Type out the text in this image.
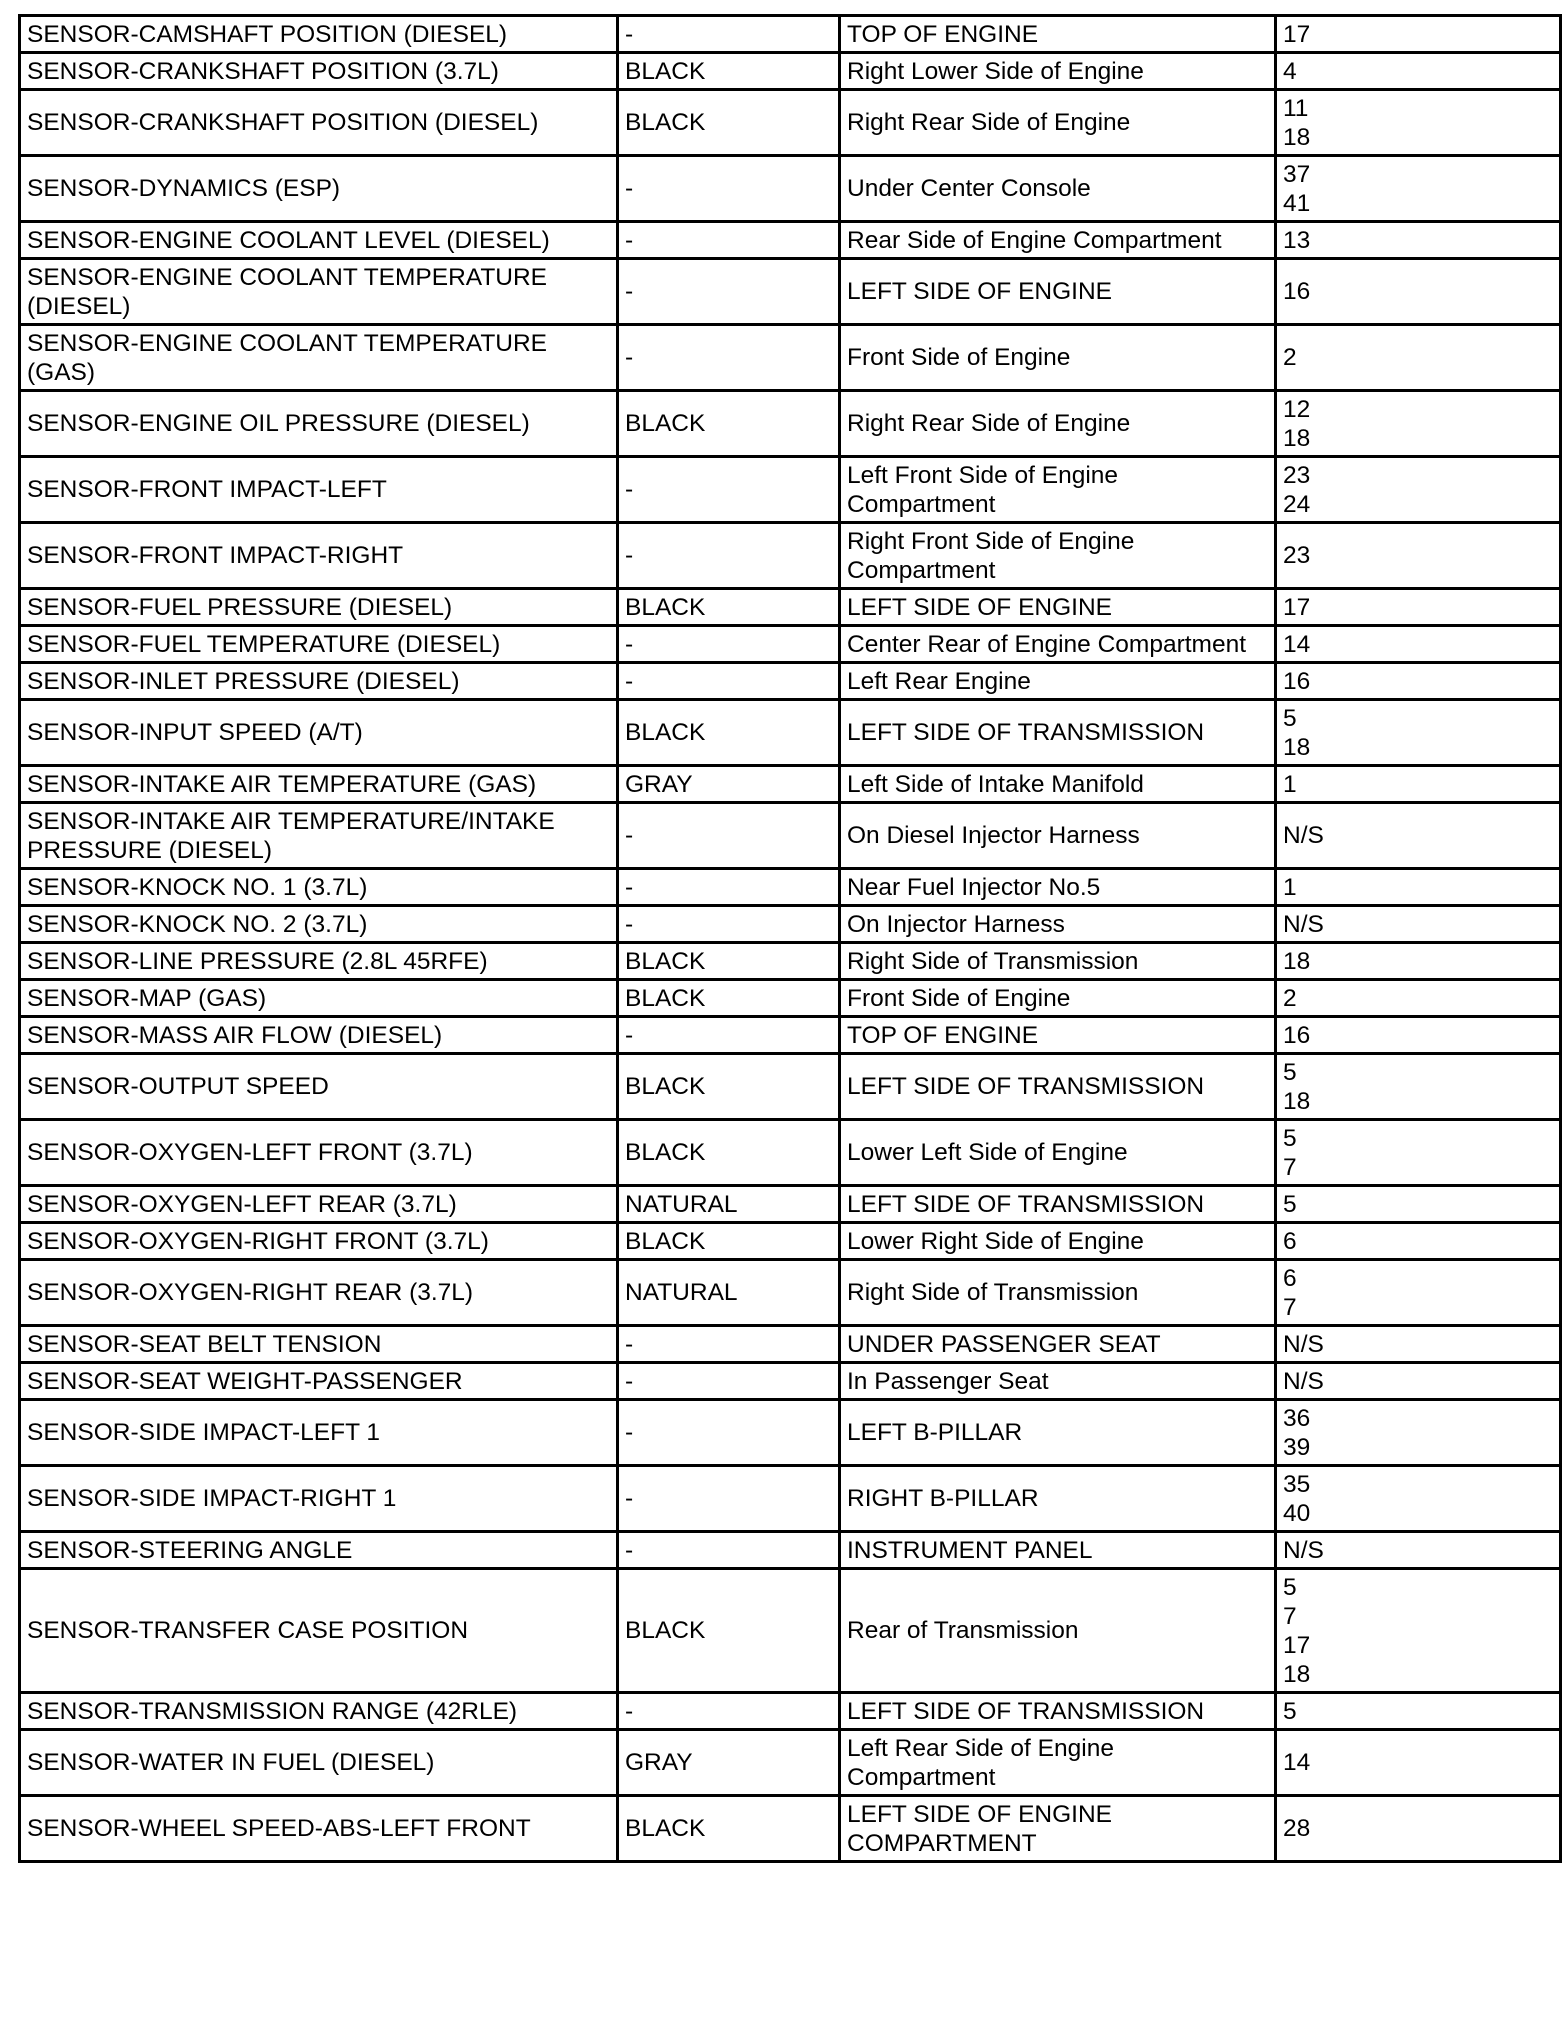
SENSOR-CAMSHAFT POSITION (DIESEL)	-	TOP OF ENGINE	17

SENSOR-CRANKSHAFT POSITION (3.7L)	BLACK	Right Lower Side of Engine	4

SENSOR-CRANKSHAFT POSITION (DIESEL)	BLACK	Right Rear Side of Engine	11
18

SENSOR-DYNAMICS (ESP)	-	Under Center Console	37
41

SENSOR-ENGINE COOLANT LEVEL (DIESEL)	-	Rear Side of Engine Compartment	13

SENSOR-ENGINE COOLANT TEMPERATURE
(DIESEL)	-	LEFT SIDE OF ENGINE	16

SENSOR-ENGINE COOLANT TEMPERATURE
(GAS)	-	Front Side of Engine	2

SENSOR-ENGINE OIL PRESSURE (DIESEL)	BLACK	Right Rear Side of Engine	12
18

SENSOR-FRONT IMPACT-LEFT	-	Left Front Side of Engine
Compartment	23
24

SENSOR-FRONT IMPACT-RIGHT	-	Right Front Side of Engine
Compartment	23

SENSOR-FUEL PRESSURE (DIESEL)	BLACK	LEFT SIDE OF ENGINE	17

SENSOR-FUEL TEMPERATURE (DIESEL)	-	Center Rear of Engine Compartment	14

SENSOR-INLET PRESSURE (DIESEL)	-	Left Rear Engine	16

SENSOR-INPUT SPEED (A/T)	BLACK	LEFT SIDE OF TRANSMISSION	5
18

SENSOR-INTAKE AIR TEMPERATURE (GAS)	GRAY	Left Side of Intake Manifold	1

SENSOR-INTAKE AIR TEMPERATURE/INTAKE
PRESSURE (DIESEL)	-	On Diesel Injector Harness	N/S

SENSOR-KNOCK NO. 1 (3.7L)	-	Near Fuel Injector No.5	1

SENSOR-KNOCK NO. 2 (3.7L)	-	On Injector Harness	N/S

SENSOR-LINE PRESSURE (2.8L 45RFE)	BLACK	Right Side of Transmission	18

SENSOR-MAP (GAS)	BLACK	Front Side of Engine	2

SENSOR-MASS AIR FLOW (DIESEL)	-	TOP OF ENGINE	16

SENSOR-OUTPUT SPEED	BLACK	LEFT SIDE OF TRANSMISSION	5
18

SENSOR-OXYGEN-LEFT FRONT (3.7L)	BLACK	Lower Left Side of Engine	5
7

SENSOR-OXYGEN-LEFT REAR (3.7L)	NATURAL	LEFT SIDE OF TRANSMISSION	5

SENSOR-OXYGEN-RIGHT FRONT (3.7L)	BLACK	Lower Right Side of Engine	6

SENSOR-OXYGEN-RIGHT REAR (3.7L)	NATURAL	Right Side of Transmission	6
7

SENSOR-SEAT BELT TENSION	-	UNDER PASSENGER SEAT	N/S

SENSOR-SEAT WEIGHT-PASSENGER	-	In Passenger Seat	N/S

SENSOR-SIDE IMPACT-LEFT 1	-	LEFT B-PILLAR	36
39

SENSOR-SIDE IMPACT-RIGHT 1	-	RIGHT B-PILLAR	35
40

SENSOR-STEERING ANGLE	-	INSTRUMENT PANEL	N/S

SENSOR-TRANSFER CASE POSITION	BLACK	Rear of Transmission	5
7
17
18

SENSOR-TRANSMISSION RANGE (42RLE)	-	LEFT SIDE OF TRANSMISSION	5

SENSOR-WATER IN FUEL (DIESEL)	GRAY	Left Rear Side of Engine
Compartment	14

SENSOR-WHEEL SPEED-ABS-LEFT FRONT	BLACK	LEFT SIDE OF ENGINE
COMPARTMENT	28
